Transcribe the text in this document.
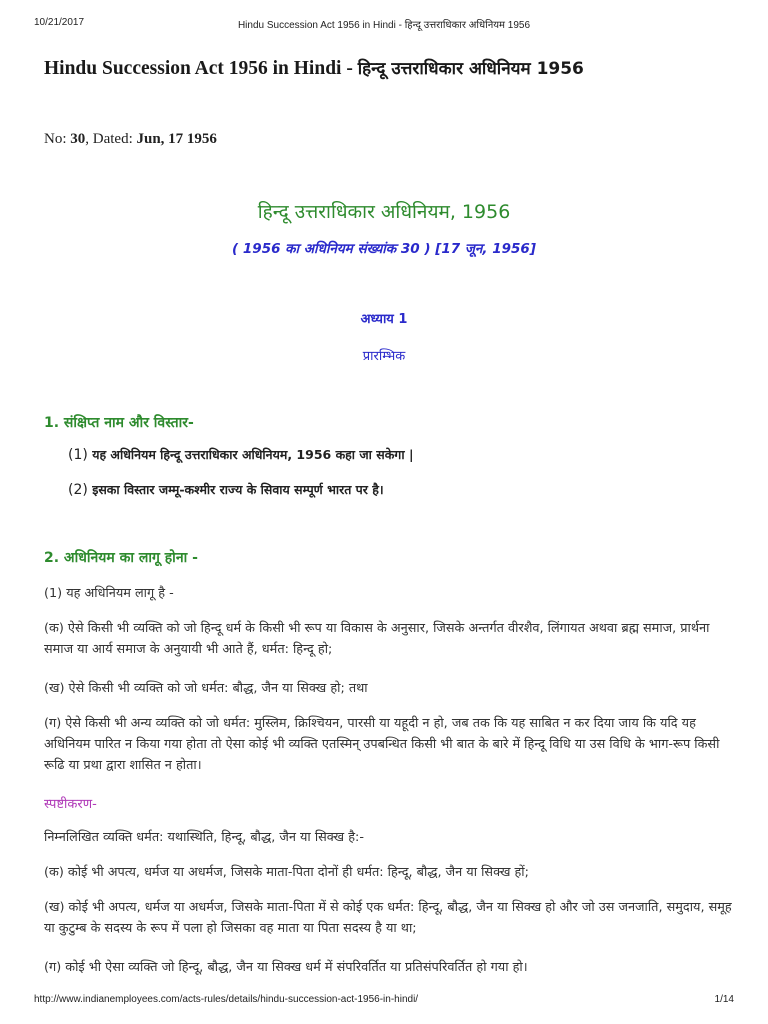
10/21/2017	Hindu Succession Act 1956 in Hindi - हिन्दू उत्तराधिकार अधिनियम 1956
Hindu Succession Act 1956 in Hindi - हिन्दू उत्तराधिकार अधिनियम 1956
No: 30, Dated: Jun, 17 1956
हिन्दू उत्तराधिकार अधिनियम, 1956
( 1956 का अधिनियम संख्यांक 30 ) [17 जून, 1956]
अध्याय 1
प्रारम्भिक
1. संक्षिप्त नाम और विस्तार-
(1) यह अधिनियम हिन्दू उत्तराधिकार अधिनियम, 1956 कहा जा सकेगा |
(2) इसका विस्तार जम्मू-कश्मीर राज्य के सिवाय सम्पूर्ण भारत पर है।
2. अधिनियम का लागू होना -
(1) यह अधिनियम लागू है -
(क) ऐसे किसी भी व्यक्ति को जो हिन्दू धर्म के किसी भी रूप या विकास के अनुसार, जिसके अन्तर्गत वीरशैव, लिंगायत अथवा ब्रह्म समाज, प्रार्थना समाज या आर्य समाज के अनुयायी भी आते हैं, धर्मत: हिन्दू हो;
(ख) ऐसे किसी भी व्यक्ति को जो धर्मत: बौद्ध, जैन या सिक्ख हो; तथा
(ग) ऐसे किसी भी अन्य व्यक्ति को जो धर्मत: मुस्लिम, क्रिश्चियन, पारसी या यहूदी न हो, जब तक कि यह साबित न कर दिया जाय कि यदि यह अधिनियम पारित न किया गया होता तो ऐसा कोई भी व्यक्ति एतस्मिन् उपबन्धित किसी भी बात के बारे में हिन्दू विधि या उस विधि के भाग-रूप किसी रूढि या प्रथा द्वारा शासित न होता।
स्पष्टीकरण-
निम्नलिखित व्यक्ति धर्मत: यथास्थिति, हिन्दू, बौद्ध, जैन या सिक्ख है:-
(क) कोई भी अपत्य, धर्मज या अधर्मज, जिसके माता-पिता दोनों ही धर्मत: हिन्दू, बौद्ध, जैन या सिक्ख हों;
(ख) कोई भी अपत्य, धर्मज या अधर्मज, जिसके माता-पिता में से कोई एक धर्मत: हिन्दू, बौद्ध, जैन या सिक्ख हो और जो उस जनजाति, समुदाय, समूह या कुटुम्ब के सदस्य के रूप में पला हो जिसका वह माता या पिता सदस्य है या था;
(ग) कोई भी ऐसा व्यक्ति जो हिन्दू, बौद्ध, जैन या सिक्ख धर्म में संपरिवर्तित या प्रतिसंपरिवर्तित हो गया हो।
http://www.indianemployees.com/acts-rules/details/hindu-succession-act-1956-in-hindi/	1/14
